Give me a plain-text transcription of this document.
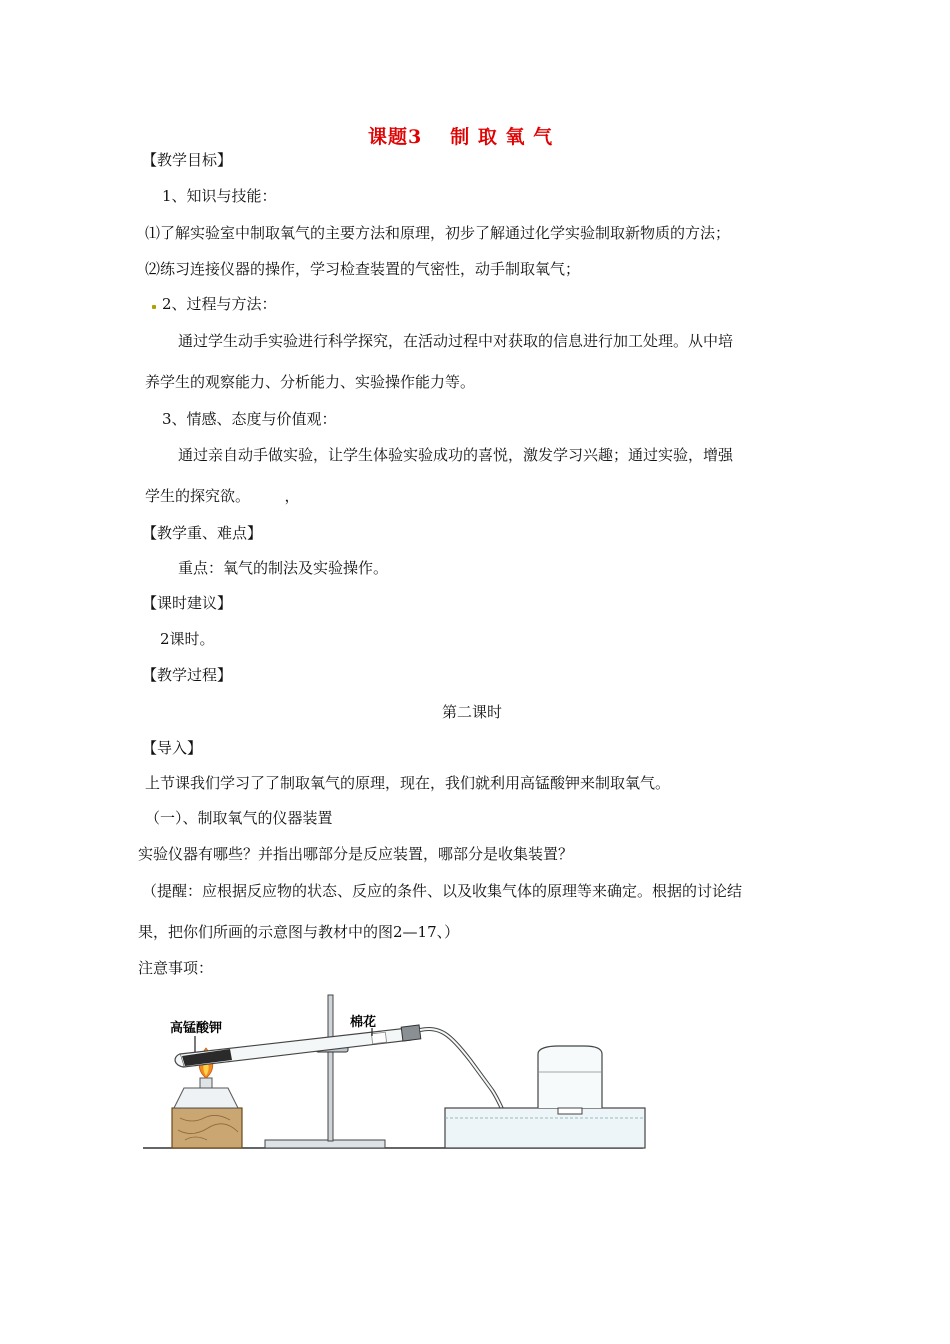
课题3 制 取 氧 气
【教学目标】
1、知识与技能：
⑴了解实验室中制取氧气的主要方法和原理，初步了解通过化学实验制取新物质的方法；
⑵练习连接仪器的操作，学习检查装置的气密性，动手制取氧气；
2、过程与方法：
通过学生动手实验进行科学探究，在活动过程中对获取的信息进行加工处理。从中培
养学生的观察能力、分析能力、实验操作能力等。
3、情感、态度与价值观：
通过亲自动手做实验，让学生体验实验成功的喜悦，激发学习兴趣；通过实验，增强
学生的探究欲。	，
【教学重、难点】
重点：氧气的制法及实验操作。
【课时建议】
2课时。
【教学过程】
第二课时
【导入】
上节课我们学习了了制取氧气的原理，现在，我们就利用高锰酸钾来制取氧气。
（一）、制取氧气的仪器装置
实验仪器有哪些？并指出哪部分是反应装置，哪部分是收集装置？
（提醒：应根据反应物的状态、反应的条件、以及收集气体的原理等来确定。根据的讨论结
果，把你们所画的示意图与教材中的图2—17、）
注意事项：
高锰酸钾	棉花
